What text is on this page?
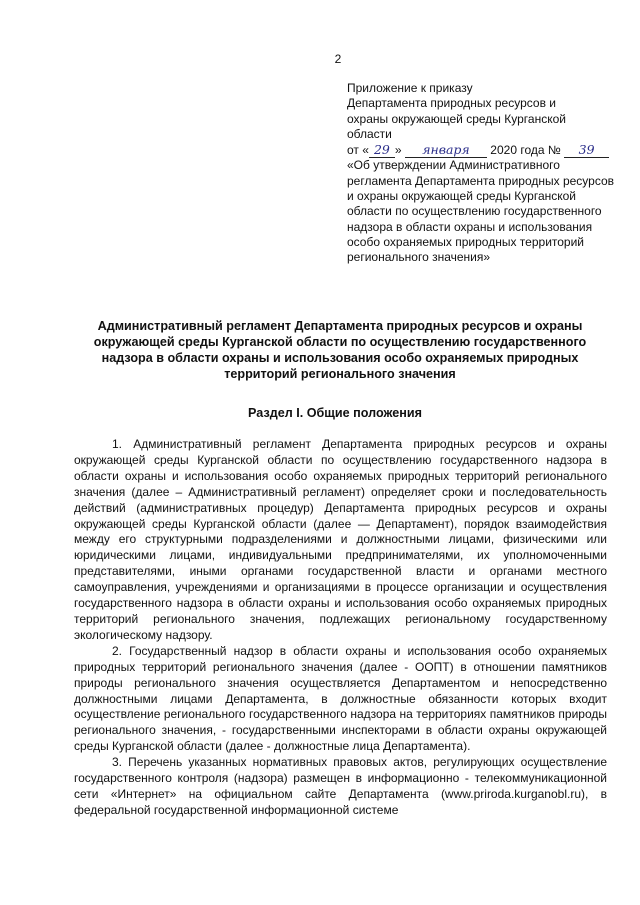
2
Приложение к приказу
Департамента природных ресурсов и
охраны окружающей среды Курганской
области
от « 29 » января 2020 года № 39
«Об утверждении Административного регламента Департамента природных ресурсов и охраны окружающей среды Курганской области по осуществлению государственного надзора в области охраны и использования особо охраняемых природных территорий регионального значения»
Административный регламент Департамента природных ресурсов и охраны окружающей среды Курганской области по осуществлению государственного надзора в области охраны и использования особо охраняемых природных территорий регионального значения
Раздел I. Общие положения

1. Административный регламент Департамента природных ресурсов и охраны окружающей среды Курганской области по осуществлению государственного надзора в области охраны и использования особо охраняемых природных территорий регионального значения (далее – Административный регламент) определяет сроки и последовательность действий (административных процедур) Департамента природных ресурсов и охраны окружающей среды Курганской области (далее — Департамент), порядок взаимодействия между его структурными подразделениями и должностными лицами, физическими или юридическими лицами, индивидуальными предпринимателями, их уполномоченными представителями, иными органами государственной власти и органами местного самоуправления, учреждениями и организациями в процессе организации и осуществления государственного надзора в области охраны и использования особо охраняемых природных территорий регионального значения, подлежащих региональному государственному экологическому надзору.

2. Государственный надзор в области охраны и использования особо охраняемых природных территорий регионального значения (далее - ООПТ) в отношении памятников природы регионального значения осуществляется Департаментом и непосредственно должностными лицами Департамента, в должностные обязанности которых входит осуществление регионального государственного надзора на территориях памятников природы регионального значения, - государственными инспекторами в области охраны окружающей среды Курганской области (далее - должностные лица Департамента).

3. Перечень указанных нормативных правовых актов, регулирующих осуществление государственного контроля (надзора) размещен в информационно - телекоммуникационной сети «Интернет» на официальном сайте Департамента (www.priroda.kurganobl.ru), в федеральной государственной информационной системе
